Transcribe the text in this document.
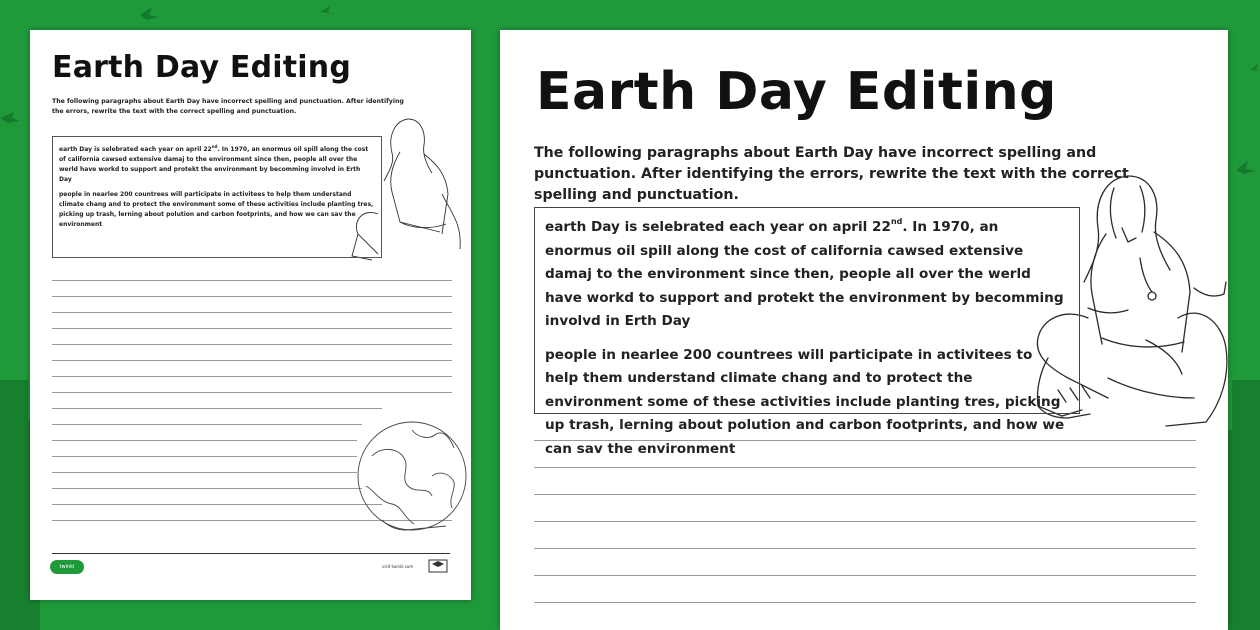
Earth Day Editing
The following paragraphs about Earth Day have incorrect spelling and punctuation. After identifying the errors, rewrite the text with the correct spelling and punctuation.

earth Day is selebrated each year on april 22nd. In 1970, an enormus oil spill along the cost of california cawsed extensive damaj to the environment since then, people all over the werld have workd to support and protekt the environment by becomming involvd in Erth Day

people in nearlee 200 countrees will participate in activitees to help them understand climate chang and to protect the environment some of these activities include planting tres, picking up trash, lerning about polution and carbon footprints, and how we can sav the environment

twinkl	visit twinkl.com
Earth Day Editing
The following paragraphs about Earth Day have incorrect spelling and punctuation. After identifying the errors, rewrite the text with the correct spelling and punctuation.

earth Day is selebrated each year on april 22nd. In 1970, an enormus oil spill along the cost of california cawsed extensive damaj to the environment since then, people all over the werld have workd to support and protekt the environment by becomming involvd in Erth Day

people in nearlee 200 countrees will participate in activitees to help them understand climate chang and to protect the environment some of these activities include planting tres, picking up trash, lerning about polution and carbon footprints, and how we can sav the environment
